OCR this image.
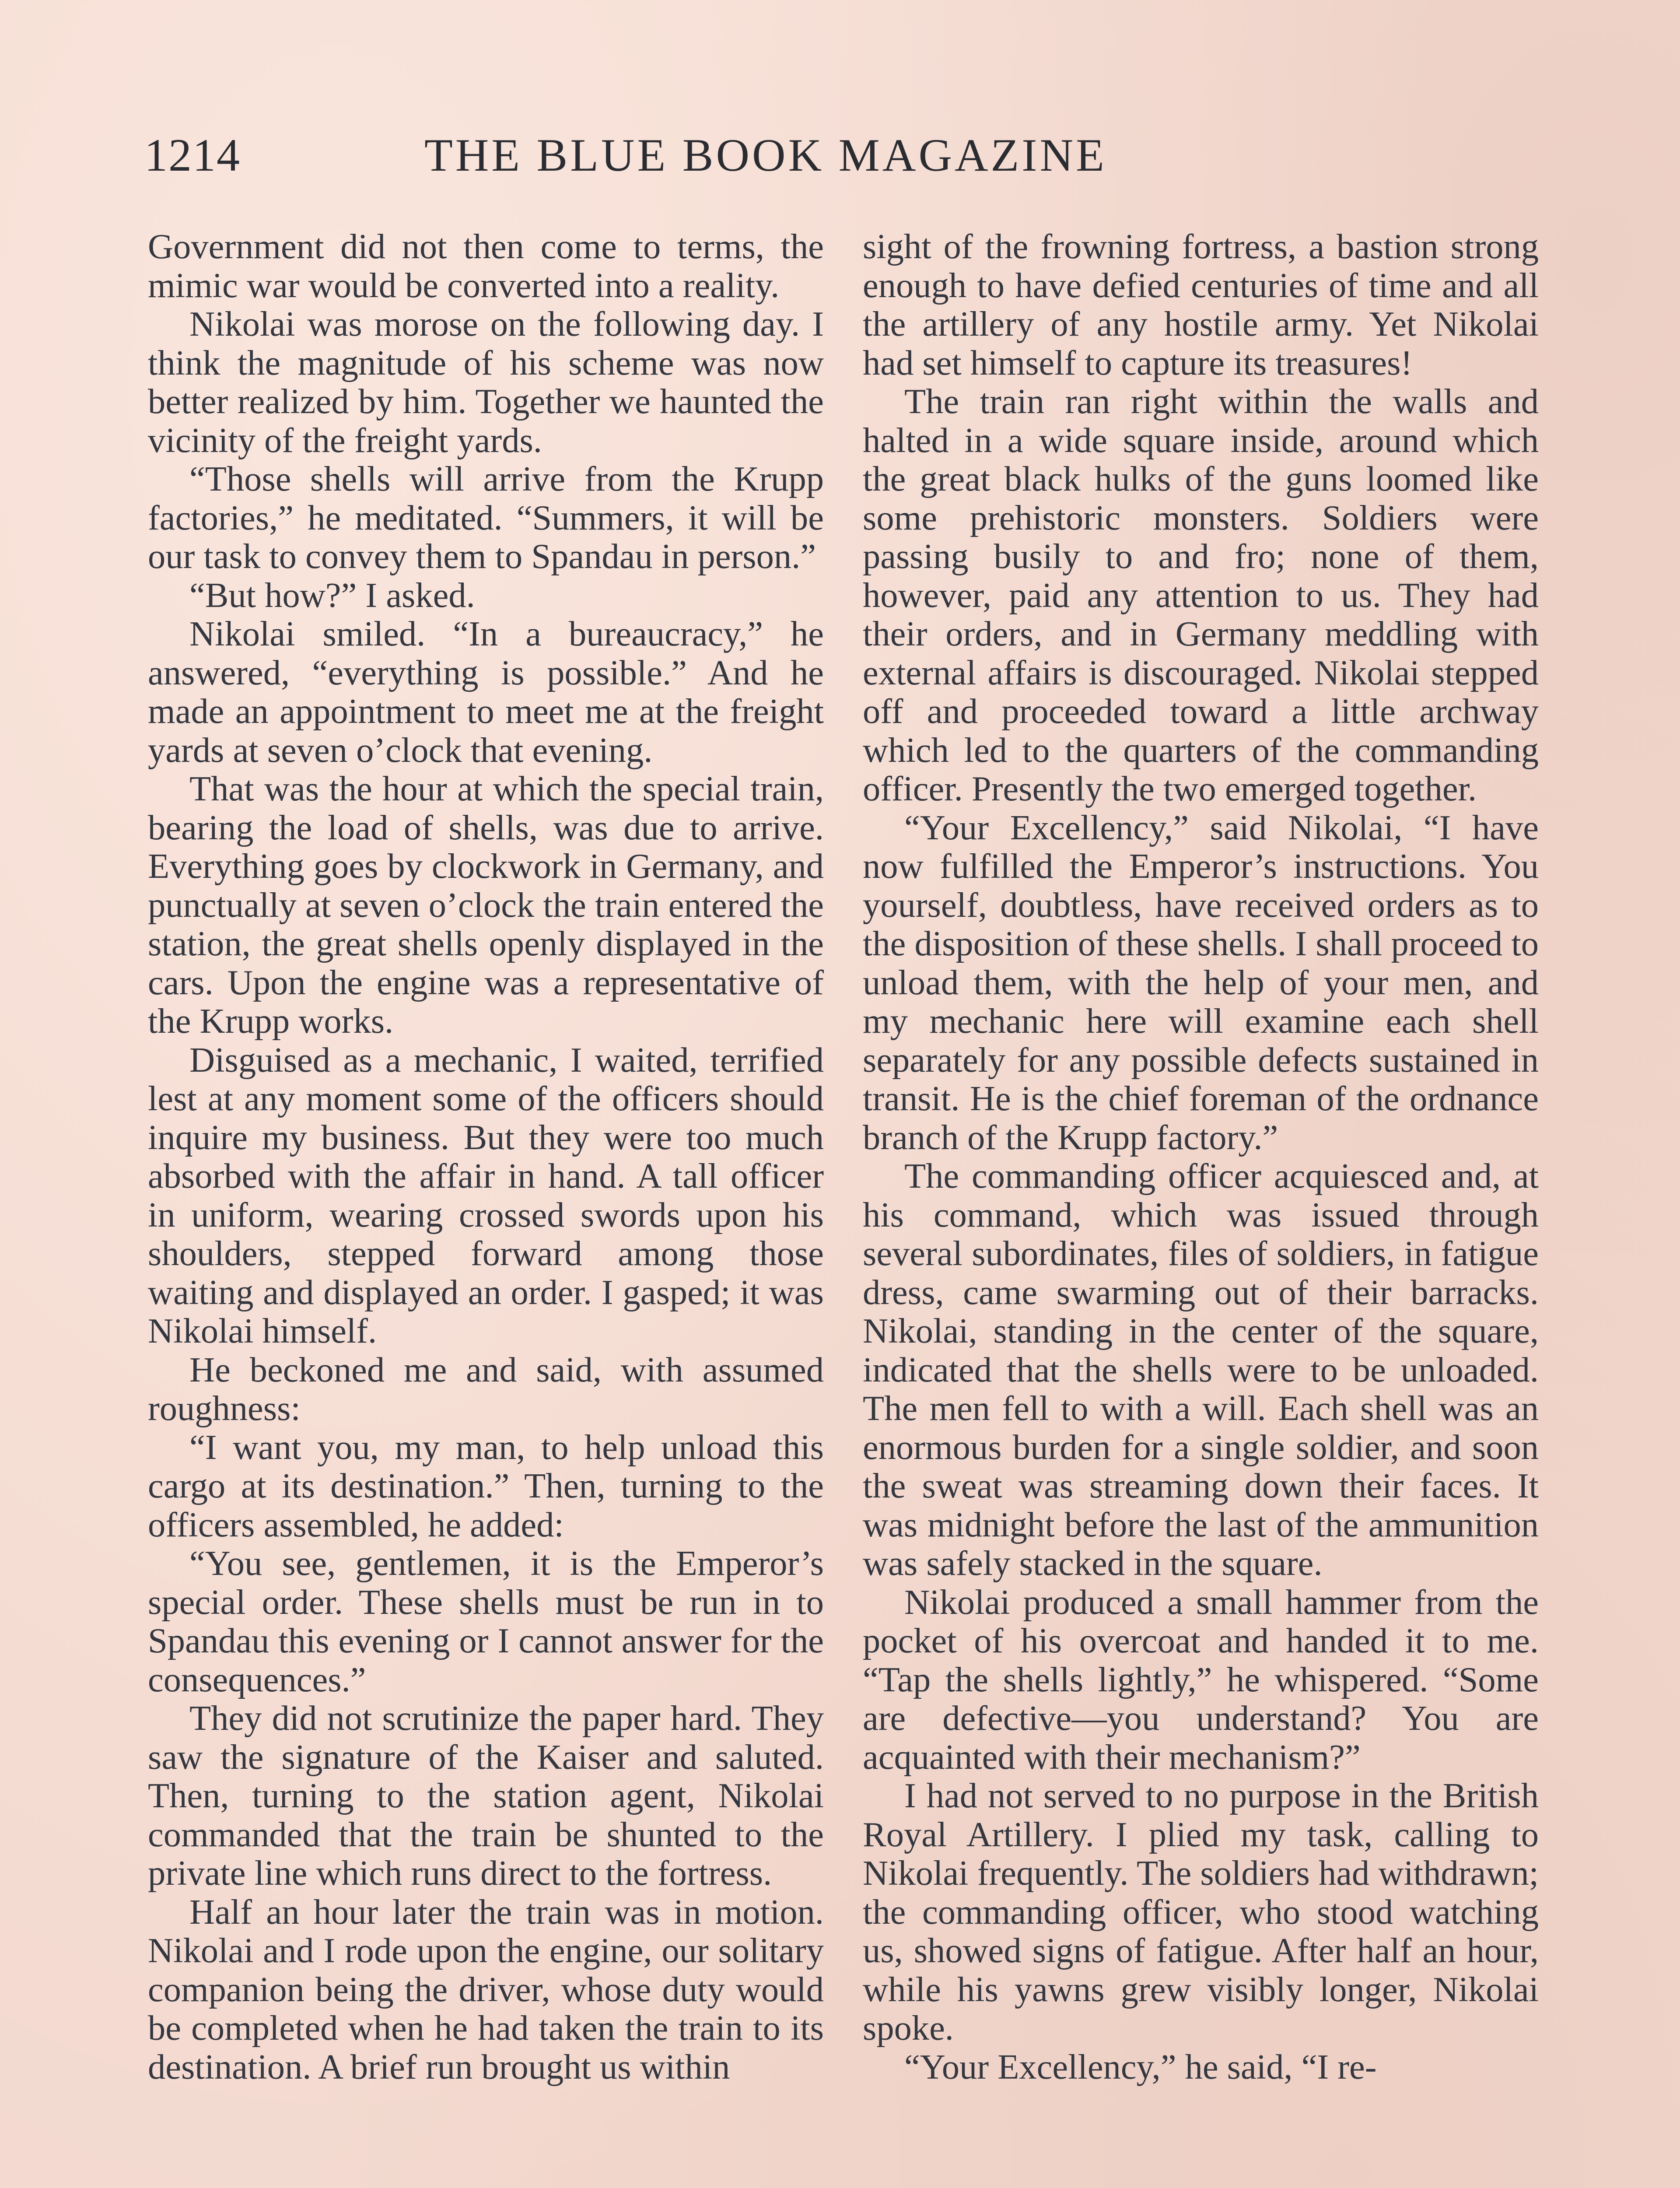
1214	THE BLUE BOOK MAGAZINE

Government did not then come to terms, the mimic war would be converted into a reality.

Nikolai was morose on the following day. I think the magnitude of his scheme was now better realized by him. Together we haunted the vicinity of the freight yards.

“Those shells will arrive from the Krupp factories,” he meditated. “Summers, it will be our task to convey them to Spandau in person.”

“But how?” I asked.

Nikolai smiled. “In a bureaucracy,” he answered, “everything is possible.” And he made an appointment to meet me at the freight yards at seven o’clock that evening.

That was the hour at which the special train, bearing the load of shells, was due to arrive. Everything goes by clockwork in Germany, and punctually at seven o’clock the train entered the station, the great shells openly displayed in the cars. Upon the engine was a representative of the Krupp works.

Disguised as a mechanic, I waited, terrified lest at any moment some of the officers should inquire my business. But they were too much absorbed with the affair in hand. A tall officer in uniform, wearing crossed swords upon his shoulders, stepped forward among those waiting and displayed an order. I gasped; it was Nikolai himself.

He beckoned me and said, with assumed roughness:

“I want you, my man, to help unload this cargo at its destination.” Then, turning to the officers assembled, he added:

“You see, gentlemen, it is the Emperor’s special order. These shells must be run in to Spandau this evening or I cannot answer for the consequences.”

They did not scrutinize the paper hard. They saw the signature of the Kaiser and saluted. Then, turning to the station agent, Nikolai commanded that the train be shunted to the private line which runs direct to the fortress.

Half an hour later the train was in motion. Nikolai and I rode upon the engine, our solitary companion being the driver, whose duty would be completed when he had taken the train to its destination. A brief run brought us within

sight of the frowning fortress, a bastion strong enough to have defied centuries of time and all the artillery of any hostile army. Yet Nikolai had set himself to capture its treasures!

The train ran right within the walls and halted in a wide square inside, around which the great black hulks of the guns loomed like some prehistoric monsters. Soldiers were passing busily to and fro; none of them, however, paid any attention to us. They had their orders, and in Germany meddling with external affairs is discouraged. Nikolai stepped off and proceeded toward a little archway which led to the quarters of the commanding officer. Presently the two emerged together.

“Your Excellency,” said Nikolai, “I have now fulfilled the Emperor’s instructions. You yourself, doubtless, have received orders as to the disposition of these shells. I shall proceed to unload them, with the help of your men, and my mechanic here will examine each shell separately for any possible defects sustained in transit. He is the chief foreman of the ordnance branch of the Krupp factory.”

The commanding officer acquiesced and, at his command, which was issued through several subordinates, files of soldiers, in fatigue dress, came swarming out of their barracks. Nikolai, standing in the center of the square, indicated that the shells were to be unloaded. The men fell to with a will. Each shell was an enormous burden for a single soldier, and soon the sweat was streaming down their faces. It was midnight before the last of the ammunition was safely stacked in the square.

Nikolai produced a small hammer from the pocket of his overcoat and handed it to me. “Tap the shells lightly,” he whispered. “Some are defective—you understand? You are acquainted with their mechanism?”

I had not served to no purpose in the British Royal Artillery. I plied my task, calling to Nikolai frequently. The soldiers had withdrawn; the commanding officer, who stood watching us, showed signs of fatigue. After half an hour, while his yawns grew visibly longer, Nikolai spoke.

“Your Excellency,” he said, “I re-
